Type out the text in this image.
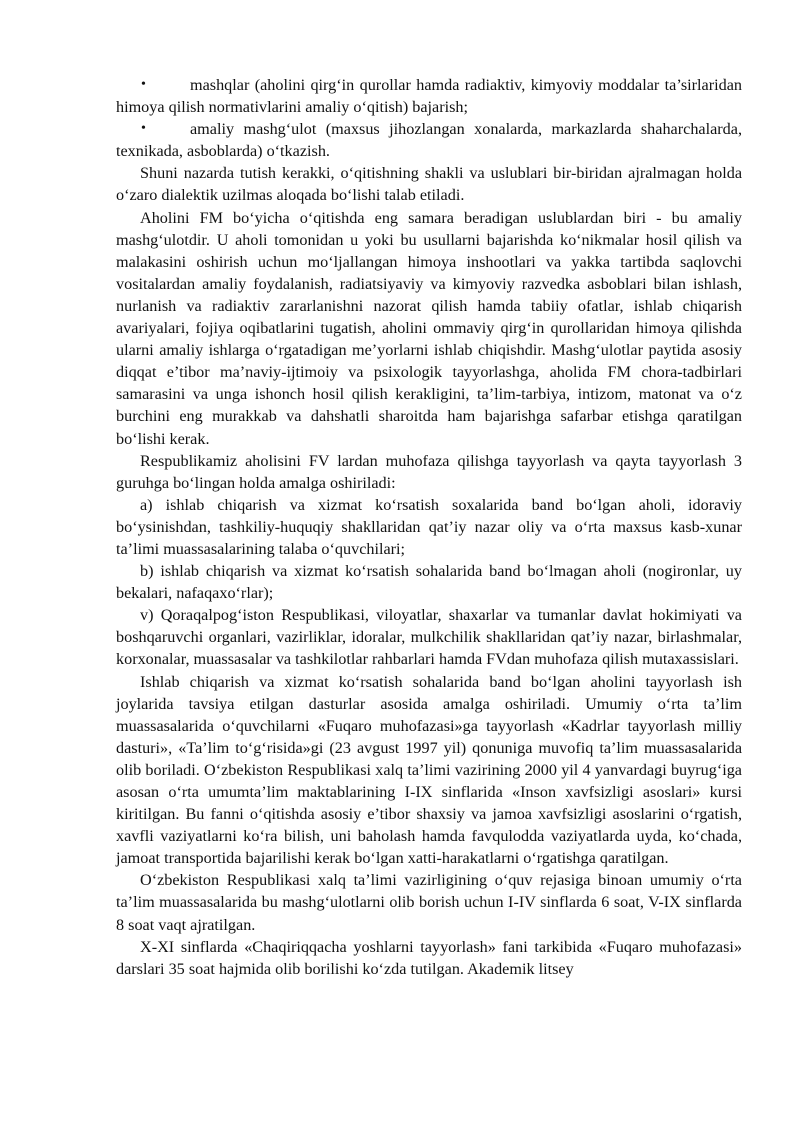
•	mashqlar (aholini qirg‘in qurollar hamda radiaktiv, kimyoviy moddalar ta’sirlaridan himoya qilish normativlarini amaliy o‘qitish) bajarish;

•	amaliy mashg‘ulot (maxsus jihozlangan xonalarda, markazlarda shaharchalarda, texnikada, asboblarda) o‘tkazish.

Shuni nazarda tutish kerakki, o‘qitishning shakli va uslublari bir-biridan ajralmagan holda o‘zaro dialektik uzilmas aloqada bo‘lishi talab etiladi.

Aholini FM bo‘yicha o‘qitishda eng samara beradigan uslublardan biri - bu amaliy mashg‘ulotdir. U aholi tomonidan u yoki bu usullarni bajarishda ko‘nikmalar hosil qilish va malakasini oshirish uchun mo‘ljallangan himoya inshootlari va yakka tartibda saqlovchi vositalardan amaliy foydalanish, radiatsiyaviy va kimyoviy razvedka asboblari bilan ishlash, nurlanish va radiaktiv zararlanishni nazorat qilish hamda tabiiy ofatlar, ishlab chiqarish avariyalari, fojiya oqibatlarini tugatish, aholini ommaviy qirg‘in qurollaridan himoya qilishda ularni amaliy ishlarga o‘rgatadigan me’yorlarni ishlab chiqishdir. Mashg‘ulotlar paytida asosiy diqqat e’tibor ma’naviy-ijtimoiy va psixologik tayyorlashga, aholida FM chora-tadbirlari samarasini va unga ishonch hosil qilish kerakligini, ta’lim-tarbiya, intizom, matonat va o‘z burchini eng murakkab va dahshatli sharoitda ham bajarishga safarbar etishga qaratilgan bo‘lishi kerak.

Respublikamiz aholisini FV lardan muhofaza qilishga tayyorlash va qayta tayyorlash 3 guruhga bo‘lingan holda amalga oshiriladi:

a) ishlab chiqarish va xizmat ko‘rsatish soxalarida band bo‘lgan aholi, idoraviy bo‘ysinishdan, tashkiliy-huquqiy shakllaridan qat’iy nazar oliy va o‘rta maxsus kasb-xunar ta’limi muassasalarining talaba o‘quvchilari;

b) ishlab chiqarish va xizmat ko‘rsatish sohalarida band bo‘lmagan aholi (nogironlar, uy bekalari, nafaqaxo‘rlar);

v) Qoraqalpog‘iston Respublikasi, viloyatlar, shaxarlar va tumanlar davlat hokimiyati va boshqaruvchi organlari, vazirliklar, idoralar, mulkchilik shakllaridan qat’iy nazar, birlashmalar, korxonalar, muassasalar va tashkilotlar rahbarlari hamda FVdan muhofaza qilish mutaxassislari.

Ishlab chiqarish va xizmat ko‘rsatish sohalarida band bo‘lgan aholini tayyorlash ish joylarida tavsiya etilgan dasturlar asosida amalga oshiriladi. Umumiy o‘rta ta’lim muassasalarida o‘quvchilarni «Fuqaro muhofazasi»ga tayyorlash «Kadrlar tayyorlash milliy dasturi», «Ta’lim to‘g‘risida»gi (23 avgust 1997 yil) qonuniga muvofiq ta’lim muassasalarida olib boriladi. O‘zbekiston Respublikasi xalq ta’limi vazirining 2000 yil 4 yanvardagi buyrug‘iga asosan o‘rta umumta’lim maktablarining I-IX sinflarida «Inson xavfsizligi asoslari» kursi kiritilgan. Bu fanni o‘qitishda asosiy e’tibor shaxsiy va jamoa xavfsizligi asoslarini o‘rgatish, xavfli vaziyatlarni ko‘ra bilish, uni baholash hamda favqulodda vaziyatlarda uyda, ko‘chada, jamoat transportida bajarilishi kerak bo‘lgan xatti-harakatlarni o‘rgatishga qaratilgan.

O‘zbekiston Respublikasi xalq ta’limi vazirligining o‘quv rejasiga binoan umumiy o‘rta ta’lim muassasalarida bu mashg‘ulotlarni olib borish uchun I-IV sinflarda 6 soat, V-IX sinflarda 8 soat vaqt ajratilgan.

X-XI sinflarda «Chaqiriqqacha yoshlarni tayyorlash» fani tarkibida «Fuqaro muhofazasi» darslari 35 soat hajmida olib borilishi ko‘zda tutilgan. Akademik litsey
